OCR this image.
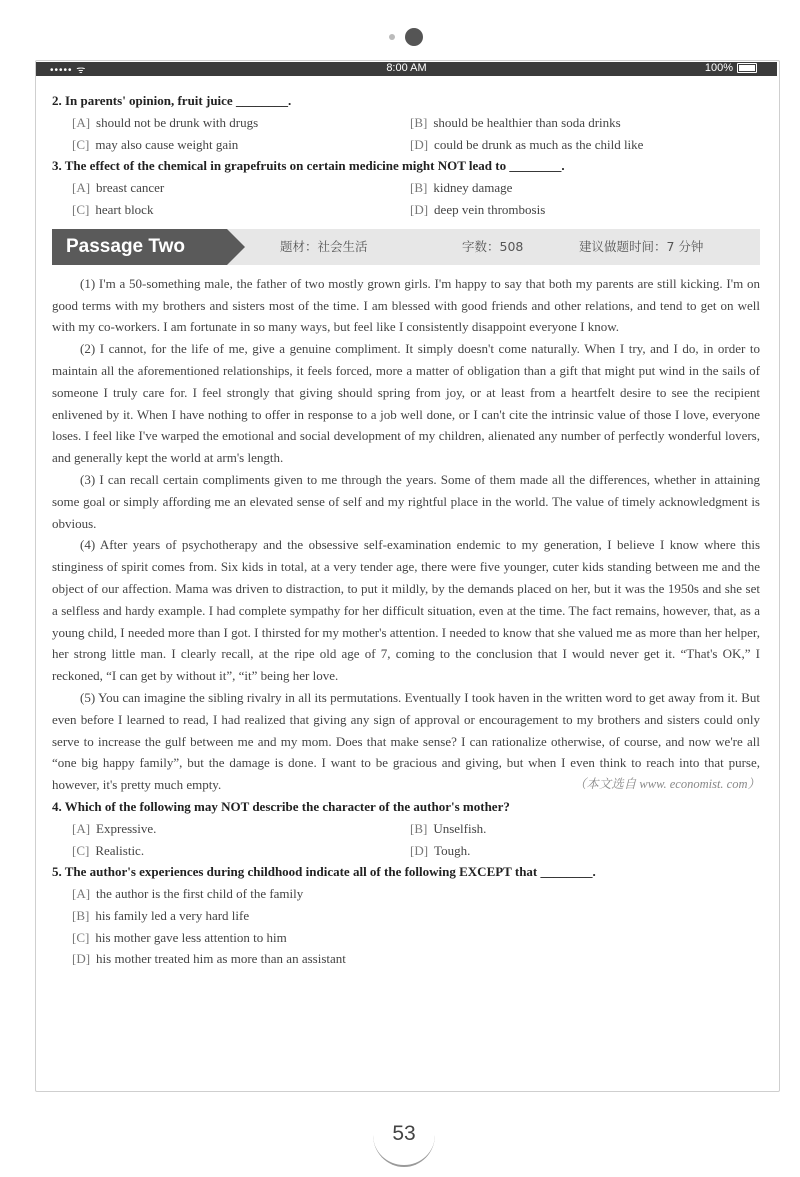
••••• ᯤ	8:00 AM	100%
2. In parents' opinion, fruit juice ________.
[A] should not be drunk with drugs	[B] should be healthier than soda drinks
[C] may also cause weight gain	[D] could be drunk as much as the child like
3. The effect of the chemical in grapefruits on certain medicine might NOT lead to ________.
[A] breast cancer	[B] kidney damage
[C] heart block	[D] deep vein thrombosis
Passage Two	题材：社会生活	字数：508	建议做题时间：7 分钟

(1) I'm a 50-something male, the father of two mostly grown girls. I'm happy to say that both my parents are still kicking. I'm on good terms with my brothers and sisters most of the time. I am blessed with good friends and other relations, and tend to get on well with my co-workers. I am fortunate in so many ways, but feel like I consistently disappoint everyone I know.

(2) I cannot, for the life of me, give a genuine compliment. It simply doesn't come naturally. When I try, and I do, in order to maintain all the aforementioned relationships, it feels forced, more a matter of obligation than a gift that might put wind in the sails of someone I truly care for. I feel strongly that giving should spring from joy, or at least from a heartfelt desire to see the recipient enlivened by it. When I have nothing to offer in response to a job well done, or I can't cite the intrinsic value of those I love, everyone loses. I feel like I've warped the emotional and social development of my children, alienated any number of perfectly wonderful lovers, and generally kept the world at arm's length.

(3) I can recall certain compliments given to me through the years. Some of them made all the differences, whether in attaining some goal or simply affording me an elevated sense of self and my rightful place in the world. The value of timely acknowledgment is obvious.

(4) After years of psychotherapy and the obsessive self-examination endemic to my generation, I believe I know where this stinginess of spirit comes from. Six kids in total, at a very tender age, there were five younger, cuter kids standing between me and the object of our affection. Mama was driven to distraction, to put it mildly, by the demands placed on her, but it was the 1950s and she set a selfless and hardy example. I had complete sympathy for her difficult situation, even at the time. The fact remains, however, that, as a young child, I needed more than I got. I thirsted for my mother's attention. I needed to know that she valued me as more than her helper, her strong little man. I clearly recall, at the ripe old age of 7, coming to the conclusion that I would never get it. “That's OK,” I reckoned, “I can get by without it”, “it” being her love.

(5) You can imagine the sibling rivalry in all its permutations. Eventually I took haven in the written word to get away from it. But even before I learned to read, I had realized that giving any sign of approval or encouragement to my brothers and sisters could only serve to increase the gulf between me and my mom. Does that make sense? I can rationalize otherwise, of course, and now we're all “one big happy family”, but the damage is done. I want to be gracious and giving, but when I even think to reach into that purse, however, it's pretty much empty.	（本文选自 www. economist. com）

4. Which of the following may NOT describe the character of the author's mother?
[A] Expressive.	[B] Unselfish.
[C] Realistic.	[D] Tough.
5. The author's experiences during childhood indicate all of the following EXCEPT that ________.
[A] the author is the first child of the family
[B] his family led a very hard life
[C] his mother gave less attention to him
[D] his mother treated him as more than an assistant
53
